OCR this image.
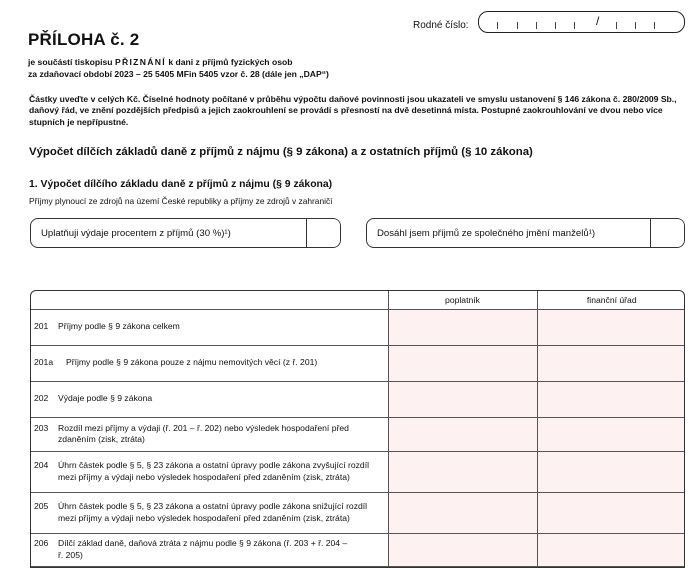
Rodné číslo:	/
PŘÍLOHA č. 2
je součástí tiskopisu PŘIZNÁNÍ k dani z příjmů fyzických osob
za zdaňovací období 2023 – 25 5405 MFin 5405 vzor č. 28 (dále jen „DAP“)
Částky uveďte v celých Kč. Číselné hodnoty počítané v průběhu výpočtu daňové povinnosti jsou ukazateli ve smyslu ustanovení § 146 zákona č. 280/2009 Sb., daňový řád, ve znění pozdějších předpisů a jejich zaokrouhlení se provádí s přesností na dvě desetinná místa. Postupné zaokrouhlování ve dvou nebo více stupních je nepřípustné.
Výpočet dílčích základů daně z příjmů z nájmu (§ 9 zákona) a z ostatních příjmů (§ 10 zákona)
1. Výpočet dílčího základu daně z příjmů z nájmu (§ 9 zákona)
Příjmy plynoucí ze zdrojů na území České republiky a příjmy ze zdrojů v zahraničí
Uplatňuji výdaje procentem z příjmů (30 %)¹)	Dosáhl jsem příjmů ze společného jmění manželů¹)
	poplatník	finanční úřad
201 Příjmy podle § 9 zákona celkem		
201a Příjmy podle § 9 zákona pouze z nájmu nemovitých věcí (z ř. 201)		
202 Výdaje podle § 9 zákona		
203 Rozdíl mezi příjmy a výdaji (ř. 201 – ř. 202) nebo výsledek hospodaření před zdaněním (zisk, ztráta)		
204 Úhrn částek podle § 5, § 23 zákona a ostatní úpravy podle zákona zvyšující rozdíl mezi příjmy a výdaji nebo výsledek hospodaření před zdaněním (zisk, ztráta)		
205 Úhrn částek podle § 5, § 23 zákona a ostatní úpravy podle zákona snižující rozdíl mezi příjmy a výdaji nebo výsledek hospodaření před zdaněním (zisk, ztráta)		
206 Dílčí základ daně, daňová ztráta z nájmu podle § 9 zákona (ř. 203 + ř. 204 – ř. 205)		
